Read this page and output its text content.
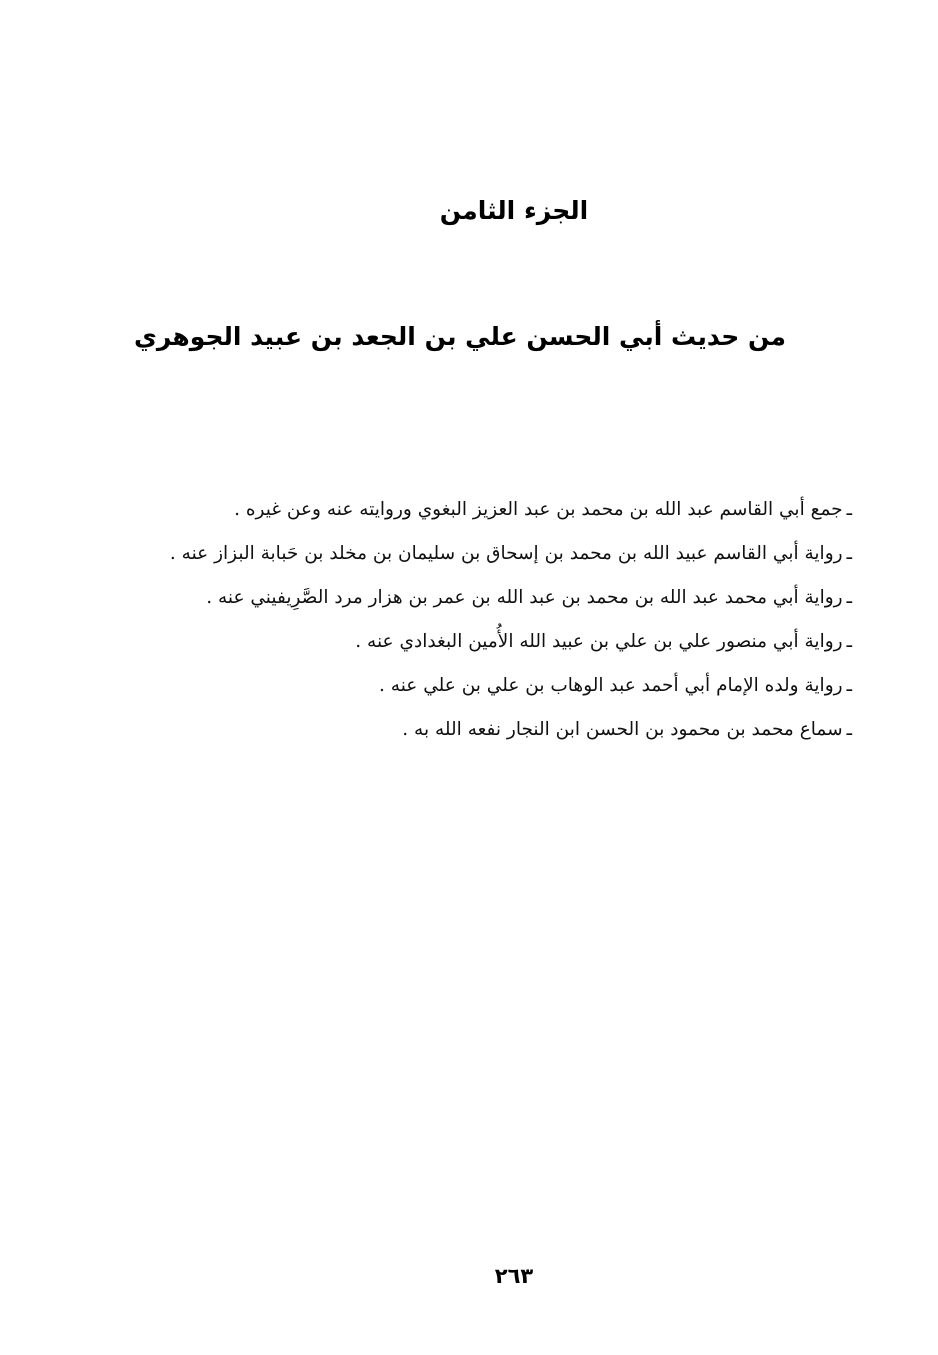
الجزء الثامن
من حديث أبي الحسن علي بن الجعد بن عبيد الجوهري
ـجمع أبي القاسم عبد الله بن محمد بن عبد العزيز البغوي وروايته عنه وعن غيره .
ـرواية أبي القاسم عبيد الله بن محمد بن إسحاق بن سليمان بن مخلد بن حَبابة البزاز عنه .
ـرواية أبي محمد عبد الله بن محمد بن عبد الله بن عمر بن هزار مرد الصَّرِيفيني عنه .
ـرواية أبي منصور علي بن علي بن عبيد الله الأُمين البغدادي عنه .
ـرواية ولده الإمام أبي أحمد عبد الوهاب بن علي بن علي عنه .
ـسماع محمد بن محمود بن الحسن ابن النجار نفعه الله به .
٢٦٣
